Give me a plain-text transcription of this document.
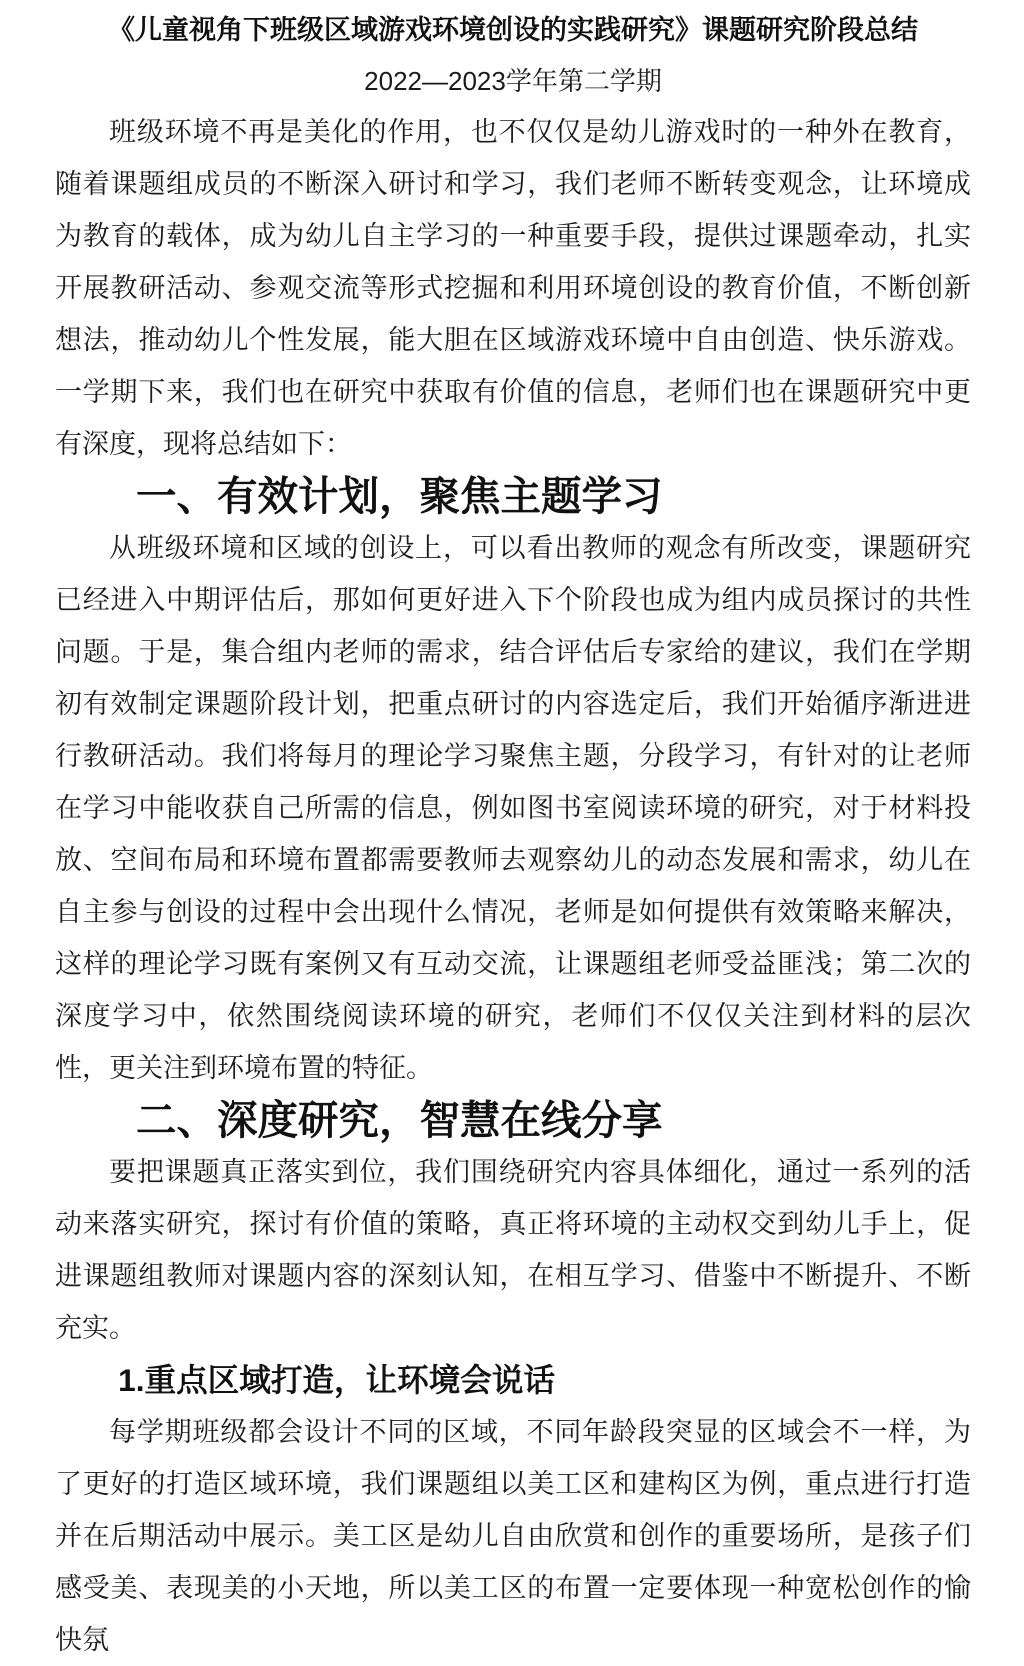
《儿童视角下班级区域游戏环境创设的实践研究》课题研究阶段总结
2022—2023学年第二学期

班级环境不再是美化的作用，也不仅仅是幼儿游戏时的一种外在教育，随着课题组成员的不断深入研讨和学习，我们老师不断转变观念，让环境成为教育的载体，成为幼儿自主学习的一种重要手段，提供过课题牵动，扎实开展教研活动、参观交流等形式挖掘和利用环境创设的教育价值，不断创新想法，推动幼儿个性发展，能大胆在区域游戏环境中自由创造、快乐游戏。一学期下来，我们也在研究中获取有价值的信息，老师们也在课题研究中更有深度，现将总结如下：

一、有效计划，聚焦主题学习

从班级环境和区域的创设上，可以看出教师的观念有所改变，课题研究已经进入中期评估后，那如何更好进入下个阶段也成为组内成员探讨的共性问题。于是，集合组内老师的需求，结合评估后专家给的建议，我们在学期初有效制定课题阶段计划，把重点研讨的内容选定后，我们开始循序渐进进行教研活动。我们将每月的理论学习聚焦主题，分段学习，有针对的让老师在学习中能收获自己所需的信息，例如图书室阅读环境的研究，对于材料投放、空间布局和环境布置都需要教师去观察幼儿的动态发展和需求，幼儿在自主参与创设的过程中会出现什么情况，老师是如何提供有效策略来解决，这样的理论学习既有案例又有互动交流，让课题组老师受益匪浅；第二次的深度学习中，依然围绕阅读环境的研究，老师们不仅仅关注到材料的层次性，更关注到环境布置的特征。

二、深度研究，智慧在线分享

要把课题真正落实到位，我们围绕研究内容具体细化，通过一系列的活动来落实研究，探讨有价值的策略，真正将环境的主动权交到幼儿手上，促进课题组教师对课题内容的深刻认知，在相互学习、借鉴中不断提升、不断充实。

1.重点区域打造，让环境会说话

每学期班级都会设计不同的区域，不同年龄段突显的区域会不一样，为了更好的打造区域环境，我们课题组以美工区和建构区为例，重点进行打造并在后期活动中展示。美工区是幼儿自由欣赏和创作的重要场所，是孩子们感受美、表现美的小天地，所以美工区的布置一定要体现一种宽松创作的愉快氛
